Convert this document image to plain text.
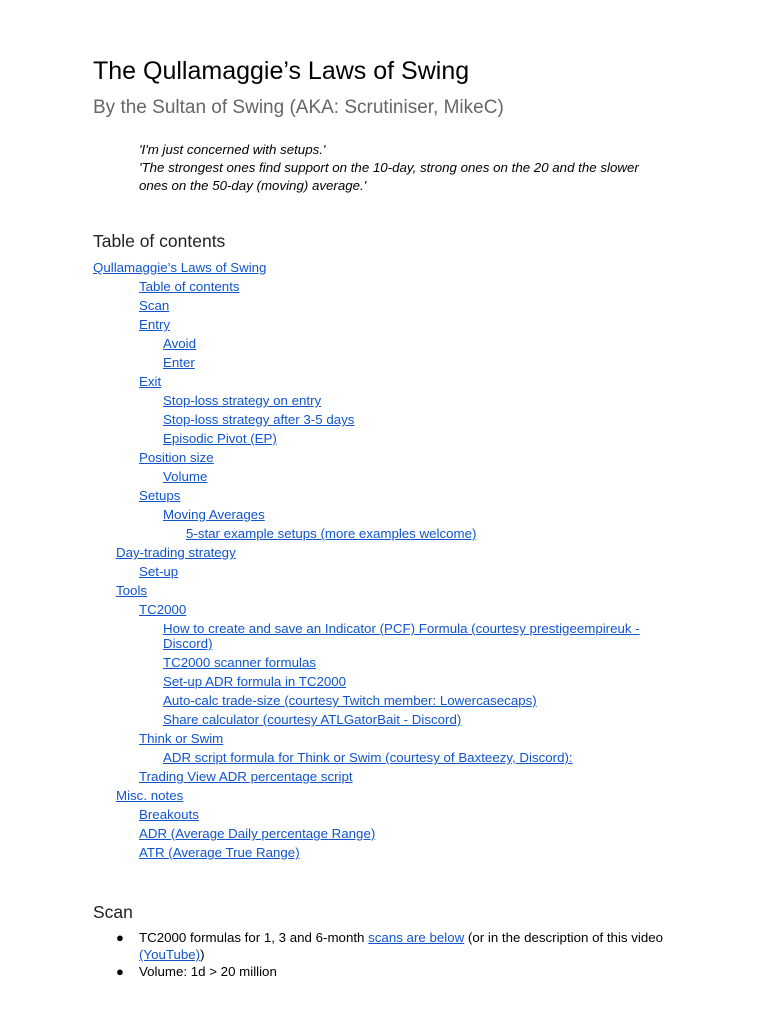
The Qullamaggie’s Laws of Swing
By the Sultan of Swing (AKA: Scrutiniser, MikeC)

'I'm just concerned with setups.'

'The strongest ones find support on the 10-day, strong ones on the 20 and the slower ones on the 50-day (moving) average.'

Table of contents
Qullamaggie’s Laws of Swing
Table of contents
Scan
Entry
Avoid
Enter
Exit
Stop-loss strategy on entry
Stop-loss strategy after 3-5 days
Episodic Pivot (EP)
Position size
Volume
Setups
Moving Averages
5-star example setups (more examples welcome)
Day-trading strategy
Set-up
Tools
TC2000
How to create and save an Indicator (PCF) Formula (courtesy prestigeempireuk - Discord)
TC2000 scanner formulas
Set-up ADR formula in TC2000
Auto-calc trade-size (courtesy Twitch member: Lowercasecaps)
Share calculator (courtesy ATLGatorBait - Discord)
Think or Swim
ADR script formula for Think or Swim (courtesy of Baxteezy, Discord):
Trading View ADR percentage script
Misc. notes
Breakouts
ADR (Average Daily percentage Range)
ATR (Average True Range)
Scan
● TC2000 formulas for 1, 3 and 6-month scans are below (or in the description of this video (YouTube))
● Volume: 1d > 20 million
